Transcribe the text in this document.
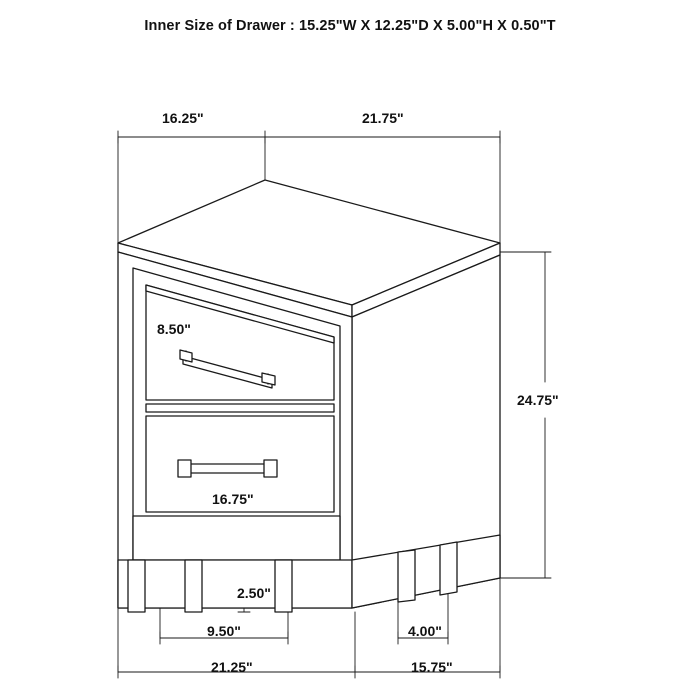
Inner Size of Drawer : 15.25"W X 12.25"D X 5.00"H X 0.50"T
16.25"	21.75"
24.75"
8.50"
16.75"
2.50"
9.50"	4.00"
21.25"	15.75"
